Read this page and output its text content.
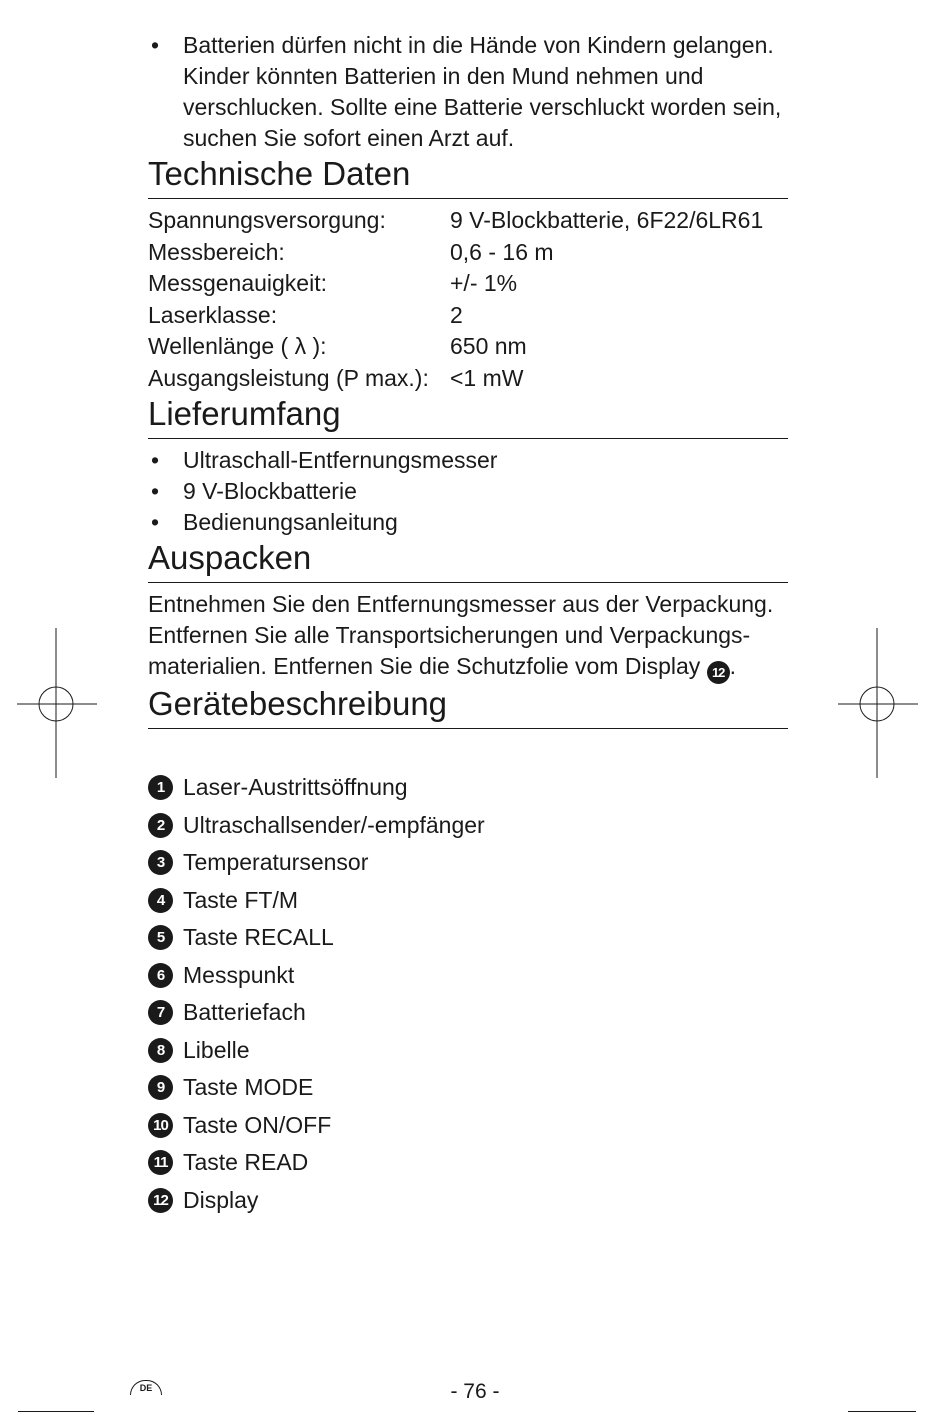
• Batterien dürfen nicht in die Hände von Kindern gelangen. Kinder könnten Batterien in den Mund nehmen und verschlucken. Sollte eine Batterie verschluckt worden sein, suchen Sie sofort einen Arzt auf.
Technische Daten
Spannungsversorgung:	9 V-Blockbatterie, 6F22/6LR61
Messbereich:	0,6 - 16 m
Messgenauigkeit:	+/- 1%
Laserklasse:	2
Wellenlänge ( λ ):	650 nm
Ausgangsleistung (P max.):	<1 mW
Lieferumfang
• Ultraschall-Entfernungsmesser
• 9 V-Blockbatterie
• Bedienungsanleitung
Auspacken

Entnehmen Sie den Entfernungsmesser aus der Verpackung. Entfernen Sie alle Transportsicherungen und Verpackungs-materialien. Entfernen Sie die Schutzfolie vom Display 12 .

Gerätebeschreibung
1 Laser-Austrittsöffnung
2 Ultraschallsender/-empfänger
3 Temperatursensor
4 Taste FT/M
5 Taste RECALL
6 Messpunkt
7 Batteriefach
8 Libelle
9 Taste MODE
10 Taste ON/OFF
11 Taste READ
12 Display
DE	- 76 -
